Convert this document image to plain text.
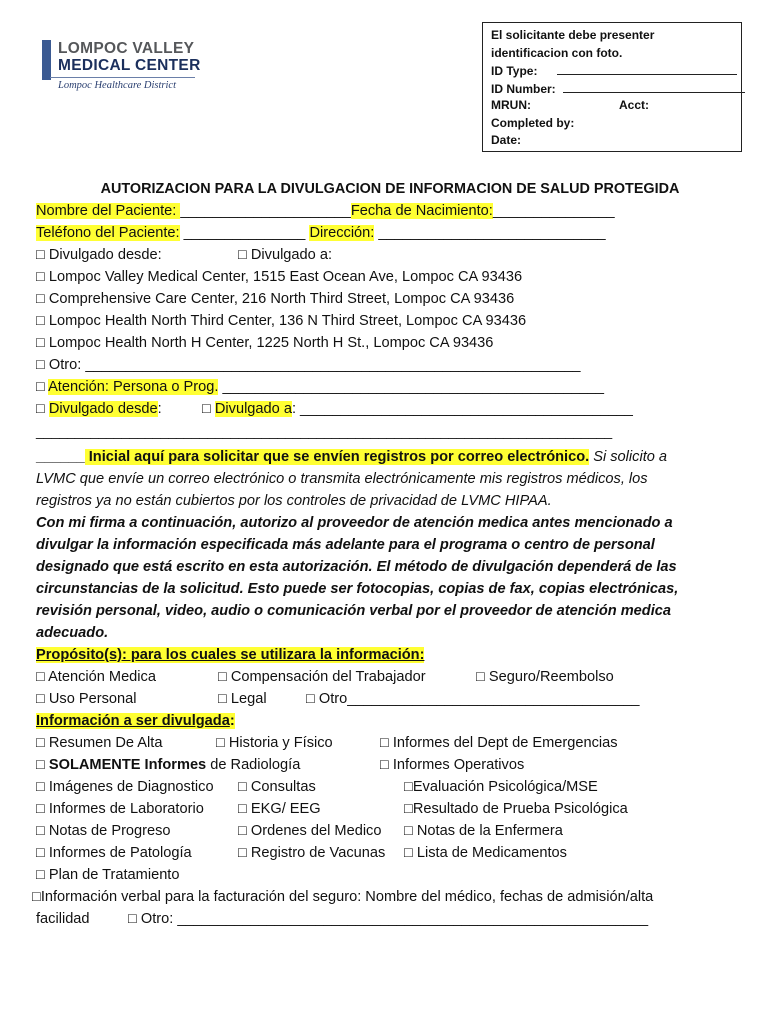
LOMPOC VALLEY
MEDICAL CENTER
Lompoc Healthcare District
El solicitante debe presenter
identificacion con foto.
ID Type:
ID Number:
MRUN:	Acct:
Completed by:
Date:
AUTORIZACION PARA LA DIVULGACION DE INFORMACION DE SALUD PROTEGIDA
Nombre del Paciente: _____________________Fecha de Nacimiento:_______________
Teléfono del Paciente: _______________ Dirección: ____________________________
□ Divulgado desde:	□ Divulgado a:
□ Lompoc Valley Medical Center, 1515 East Ocean Ave, Lompoc CA 93436
□ Comprehensive Care Center, 216 North Third Street, Lompoc CA 93436
□ Lompoc Health North Third Center, 136 N Third Street, Lompoc CA 93436
□ Lompoc Health North H Center, 1225 North H St., Lompoc CA 93436
□ Otro: _____________________________________________________________
□ Atención: Persona o Prog. _______________________________________________
□ Divulgado desde:	□ Divulgado a: _________________________________________
__________________________________________________________________________
______ Inicial aquí para solicitar que se envíen registros por correo electrónico. Si solicito a
LVMC que envíe un correo electrónico o transmita electrónicamente mis registros médicos, los
registros ya no están cubiertos por los controles de privacidad de LVMC HIPAA.
Con mi firma a continuación, autorizo al proveedor de atención medica antes mencionado a
divulgar la información especificada más adelante para el programa o centro de personal
designado que está escrito en esta autorización. El método de divulgación dependerá de las
circunstancias de la solicitud. Esto puede ser fotocopias, copias de fax, copias electrónicas,
revisión personal, video, audio o comunicación verbal por el proveedor de atención medica
adecuado.
Propósito(s): para los cuales se utilizara la información:
□ Atención Medica	□ Compensación del Trabajador	□ Seguro/Reembolso
□ Uso Personal	□ Legal	□ Otro____________________________________
Información a ser divulgada:
□ Resumen De Alta	□ Historia y Físico	□ Informes del Dept de Emergencias
□ SOLAMENTE Informes de Radiología	□ Informes Operativos
□ Imágenes de Diagnostico □ Consultas	□Evaluación Psicológica/MSE
□ Informes de Laboratorio □ EKG/ EEG	□Resultado de Prueba Psicológica
□ Notas de Progreso	□ Ordenes del Medico □ Notas de la Enfermera
□ Informes de Patología	□ Registro de Vacunas □ Lista de Medicamentos
□ Plan de Tratamiento
□Información verbal para la facturación del seguro: Nombre del médico, fechas de admisión/alta
facilidad	□ Otro: __________________________________________________________
